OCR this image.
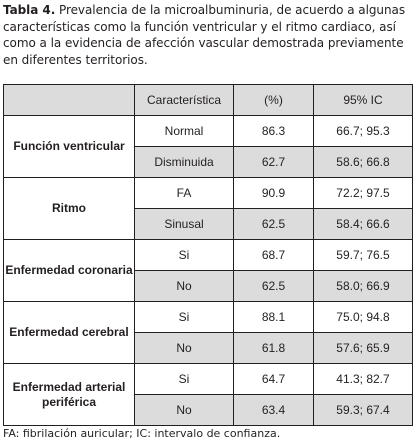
Tabla 4. Prevalencia de la microalbuminuria, de acuerdo a algunas características como la función ventricular y el ritmo cardiaco, así como a la evidencia de afección vascular demostrada previamente en diferentes territorios.
	Característica	(%)	95% IC
Función ventricular	Normal	86.3	66.7; 95.3
	Disminuida	62.7	58.6; 66.8
Ritmo	FA	90.9	72.2; 97.5
	Sinusal	62.5	58.4; 66.6
Enfermedad coronaria	Si	68.7	59.7; 76.5
	No	62.5	58.0; 66.9
Enfermedad cerebral	Si	88.1	75.0; 94.8
	No	61.8	57.6; 65.9
Enfermedad arterial periférica	Si	64.7	41.3; 82.7
	No	63.4	59.3; 67.4
FA: fibrilación auricular; IC: intervalo de confianza.
